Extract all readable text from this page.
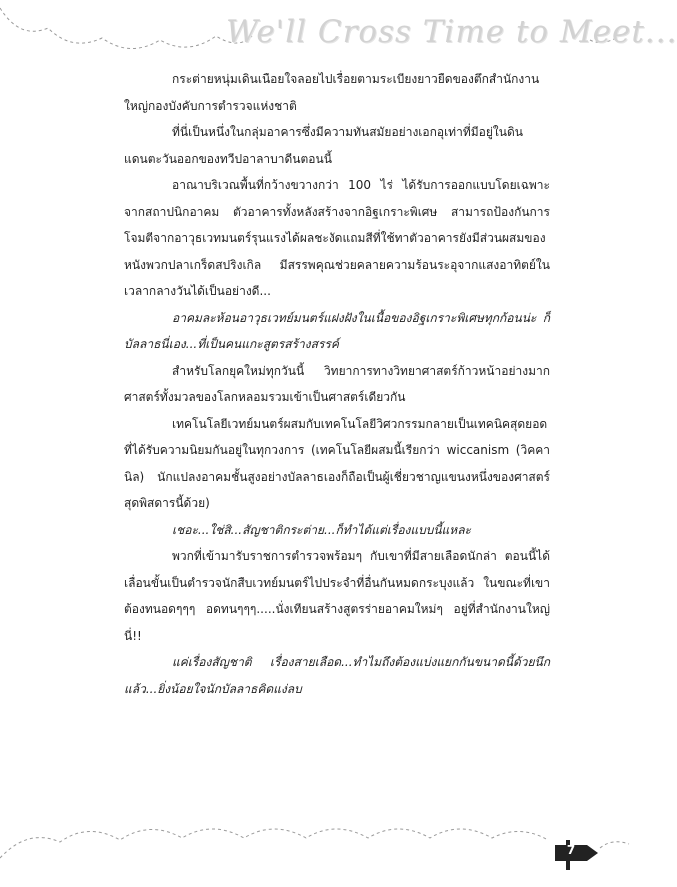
We'll Cross Time to Meet...

กระต่ายหนุ่มเดินเนือยใจลอยไปเรื่อยตามระเบียงยาวยืดของตึกสำนักงานใหญ่กองบังคับการตำรวจแห่งชาติ

ที่นี่เป็นหนึ่งในกลุ่มอาคารซึ่งมีความทันสมัยอย่างเอกอุเท่าที่มีอยู่ในดินแดนตะวันออกของทวีปอาลาบาดีนตอนนี้

อาณาบริเวณพื้นที่กว้างขวางกว่า 100 ไร่ ได้รับการออกแบบโดยเฉพาะจากสถาปนิกอาคม ตัวอาคารทั้งหลังสร้างจากอิฐเกราะพิเศษ สามารถป้องกันการโจมตีจากอาวุธเวทมนตร์รุนแรงได้ผลชะงัดแถมสีที่ใช้ทาตัวอาคารยังมีส่วนผสมของหนังพวกปลาเกร็ดสปริงเกิล มีสรรพคุณช่วยคลายความร้อนระอุจากแสงอาทิตย์ในเวลากลางวันได้เป็นอย่างดี...

อาคมละห้อนอาวุธเวทย์มนตร์แฝงฝังในเนื้อของอิฐเกราะพิเศษทุกก้อนน่ะ ก็บัลลาธนี่เอง...ที่เป็นคนแกะสูตรสร้างสรรค์

สำหรับโลกยุคใหม่ทุกวันนี้ วิทยาการทางวิทยาศาสตร์ก้าวหน้าอย่างมาก ศาสตร์ทั้งมวลของโลกหลอมรวมเข้าเป็นศาสตร์เดียวกัน

เทคโนโลยีเวทย์มนตร์ผสมกับเทคโนโลยีวิศวกรรมกลายเป็นเทคนิคสุดยอดที่ได้รับความนิยมกันอยู่ในทุกวงการ (เทคโนโลยีผสมนี้เรียกว่า wiccanism (วิคคานิล) นักแปลงอาคมชั้นสูงอย่างบัลลาธเองก็ถือเป็นผู้เชี่ยวชาญแขนงหนึ่งของศาสตร์สุดพิสดารนี้ด้วย)

เชอะ...ใช่สิ...สัญชาติกระต่าย...ก็ทำได้แต่เรื่องแบบนี้แหละ

พวกที่เข้ามารับราชการตำรวจพร้อมๆ กับเขาที่มีสายเลือดนักล่า ตอนนี้ได้เลื่อนขั้นเป็นตำรวจนักสืบเวทย์มนตร์ไปประจำที่อื่นกันหมดกระบุงแล้ว ในขณะที่เขาต้องทนอดๆๆๆ อดทนๆๆๆ.....นั่งเทียนสร้างสูตรร่ายอาคมใหม่ๆ อยู่ที่สำนักงานใหญ่นี่!!

แค่เรื่องสัญชาติ เรื่องสายเลือด...ทำไมถึงต้องแบ่งแยกกันขนาดนี้ด้วยนึกแล้ว...ยิ่งน้อยใจนักบัลลาธคิดแง่ลบ

7
